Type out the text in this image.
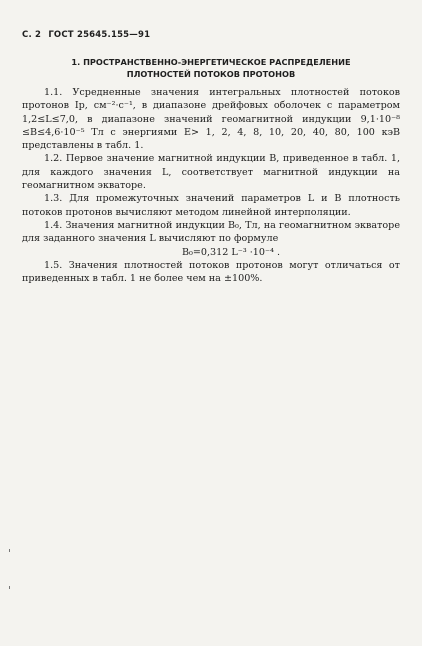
С. 2 ГОСТ 25645.155—91
1. ПРОСТРАНСТВЕННО-ЭНЕРГЕТИЧЕСКОЕ РАСПРЕДЕЛЕНИЕ
ПЛОТНОСТЕЙ ПОТОКОВ ПРОТОНОВ

1.1. Усредненные значения интегральных плотностей потоков протонов Ip, см⁻²·с⁻¹, в диапазоне дрейфовых оболочек с параметром 1,2≤L≤7,0, в диапазоне значений геомагнитной индукции 9,1·10⁻⁸ ≤B≤4,6·10⁻⁵ Тл с энергиями E> 1, 2, 4, 8, 10, 20, 40, 80, 100 кэВ представлены в табл. 1.

1.2. Первое значение магнитной индукции B, приведенное в табл. 1, для каждого значения L, соответствует магнитной индукции на геомагнитном экваторе.

1.3. Для промежуточных значений параметров L и B плотность потоков протонов вычисляют методом линейной интерполяции.

1.4. Значения магнитной индукции B₀, Тл, на геомагнитном экваторе для заданного значения L вычисляют по формуле

B₀=0,312 L⁻³ ·10⁻⁴ .

1.5. Значения плотностей потоков протонов могут отличаться от приведенных в табл. 1 не более чем на ±100%.
